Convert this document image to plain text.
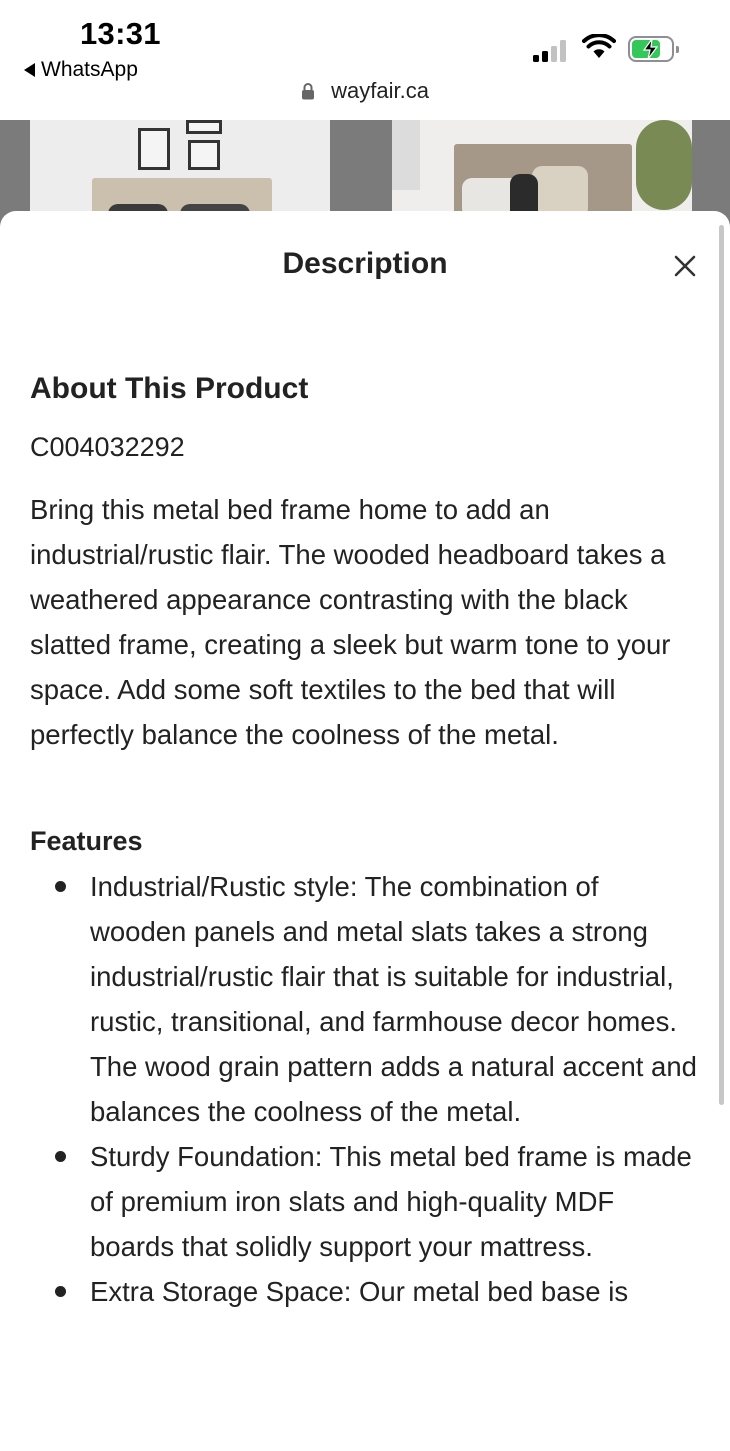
13:31
WhatsApp
wayfair.ca
Description
About This Product

C004032292

Bring this metal bed frame home to add an industrial/rustic flair. The wooded headboard takes a weathered appearance contrasting with the black slatted frame, creating a sleek but warm tone to your space. Add some soft textiles to the bed that will perfectly balance the coolness of the metal.

Features
Industrial/Rustic style: The combination of wooden panels and metal slats takes a strong industrial/rustic flair that is suitable for industrial, rustic, transitional, and farmhouse decor homes. The wood grain pattern adds a natural accent and balances the coolness of the metal.
Sturdy Foundation: This metal bed frame is made of premium iron slats and high-quality MDF boards that solidly support your mattress.
Extra Storage Space: Our metal bed base is
